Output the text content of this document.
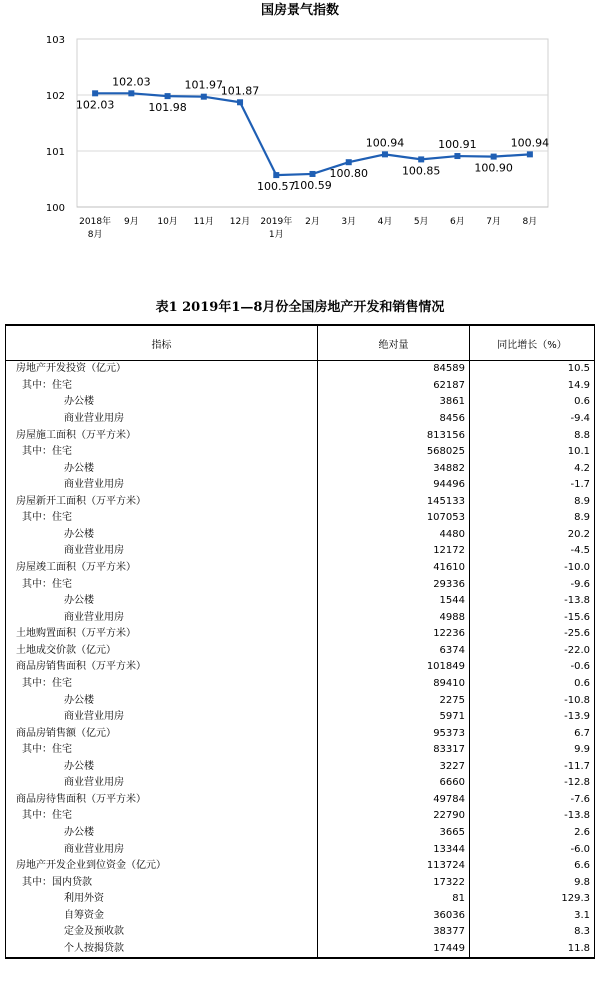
国房景气指数
100
101
102
103
2018年
8月
9月 10月 11月 12月 2019年
1月
2月 3月 4月 5月 6月 7月 8月
102.03
102.03
101.98
101.97
101.87
100.57
100.59
100.80
100.94
100.85
100.91
100.90
100.94
表1 2019年1—8月份全国房地产开发和销售情况
指标	绝对量	同比增长（%）
房地产开发投资（亿元）	84589	10.5
其中：住宅	62187	14.9
办公楼	3861	0.6
商业营业用房	8456	-9.4
房屋施工面积（万平方米）	813156	8.8
其中：住宅	568025	10.1
办公楼	34882	4.2
商业营业用房	94496	-1.7
房屋新开工面积（万平方米）	145133	8.9
其中：住宅	107053	8.9
办公楼	4480	20.2
商业营业用房	12172	-4.5
房屋竣工面积（万平方米）	41610	-10.0
其中：住宅	29336	-9.6
办公楼	1544	-13.8
商业营业用房	4988	-15.6
土地购置面积（万平方米）	12236	-25.6
土地成交价款（亿元）	6374	-22.0
商品房销售面积（万平方米）	101849	-0.6
其中：住宅	89410	0.6
办公楼	2275	-10.8
商业营业用房	5971	-13.9
商品房销售额（亿元）	95373	6.7
其中：住宅	83317	9.9
办公楼	3227	-11.7
商业营业用房	6660	-12.8
商品房待售面积（万平方米）	49784	-7.6
其中：住宅	22790	-13.8
办公楼	3665	2.6
商业营业用房	13344	-6.0
房地产开发企业到位资金（亿元）	113724	6.6
其中：国内贷款	17322	9.8
利用外资	81	129.3
自筹资金	36036	3.1
定金及预收款	38377	8.3
个人按揭贷款	17449	11.8
